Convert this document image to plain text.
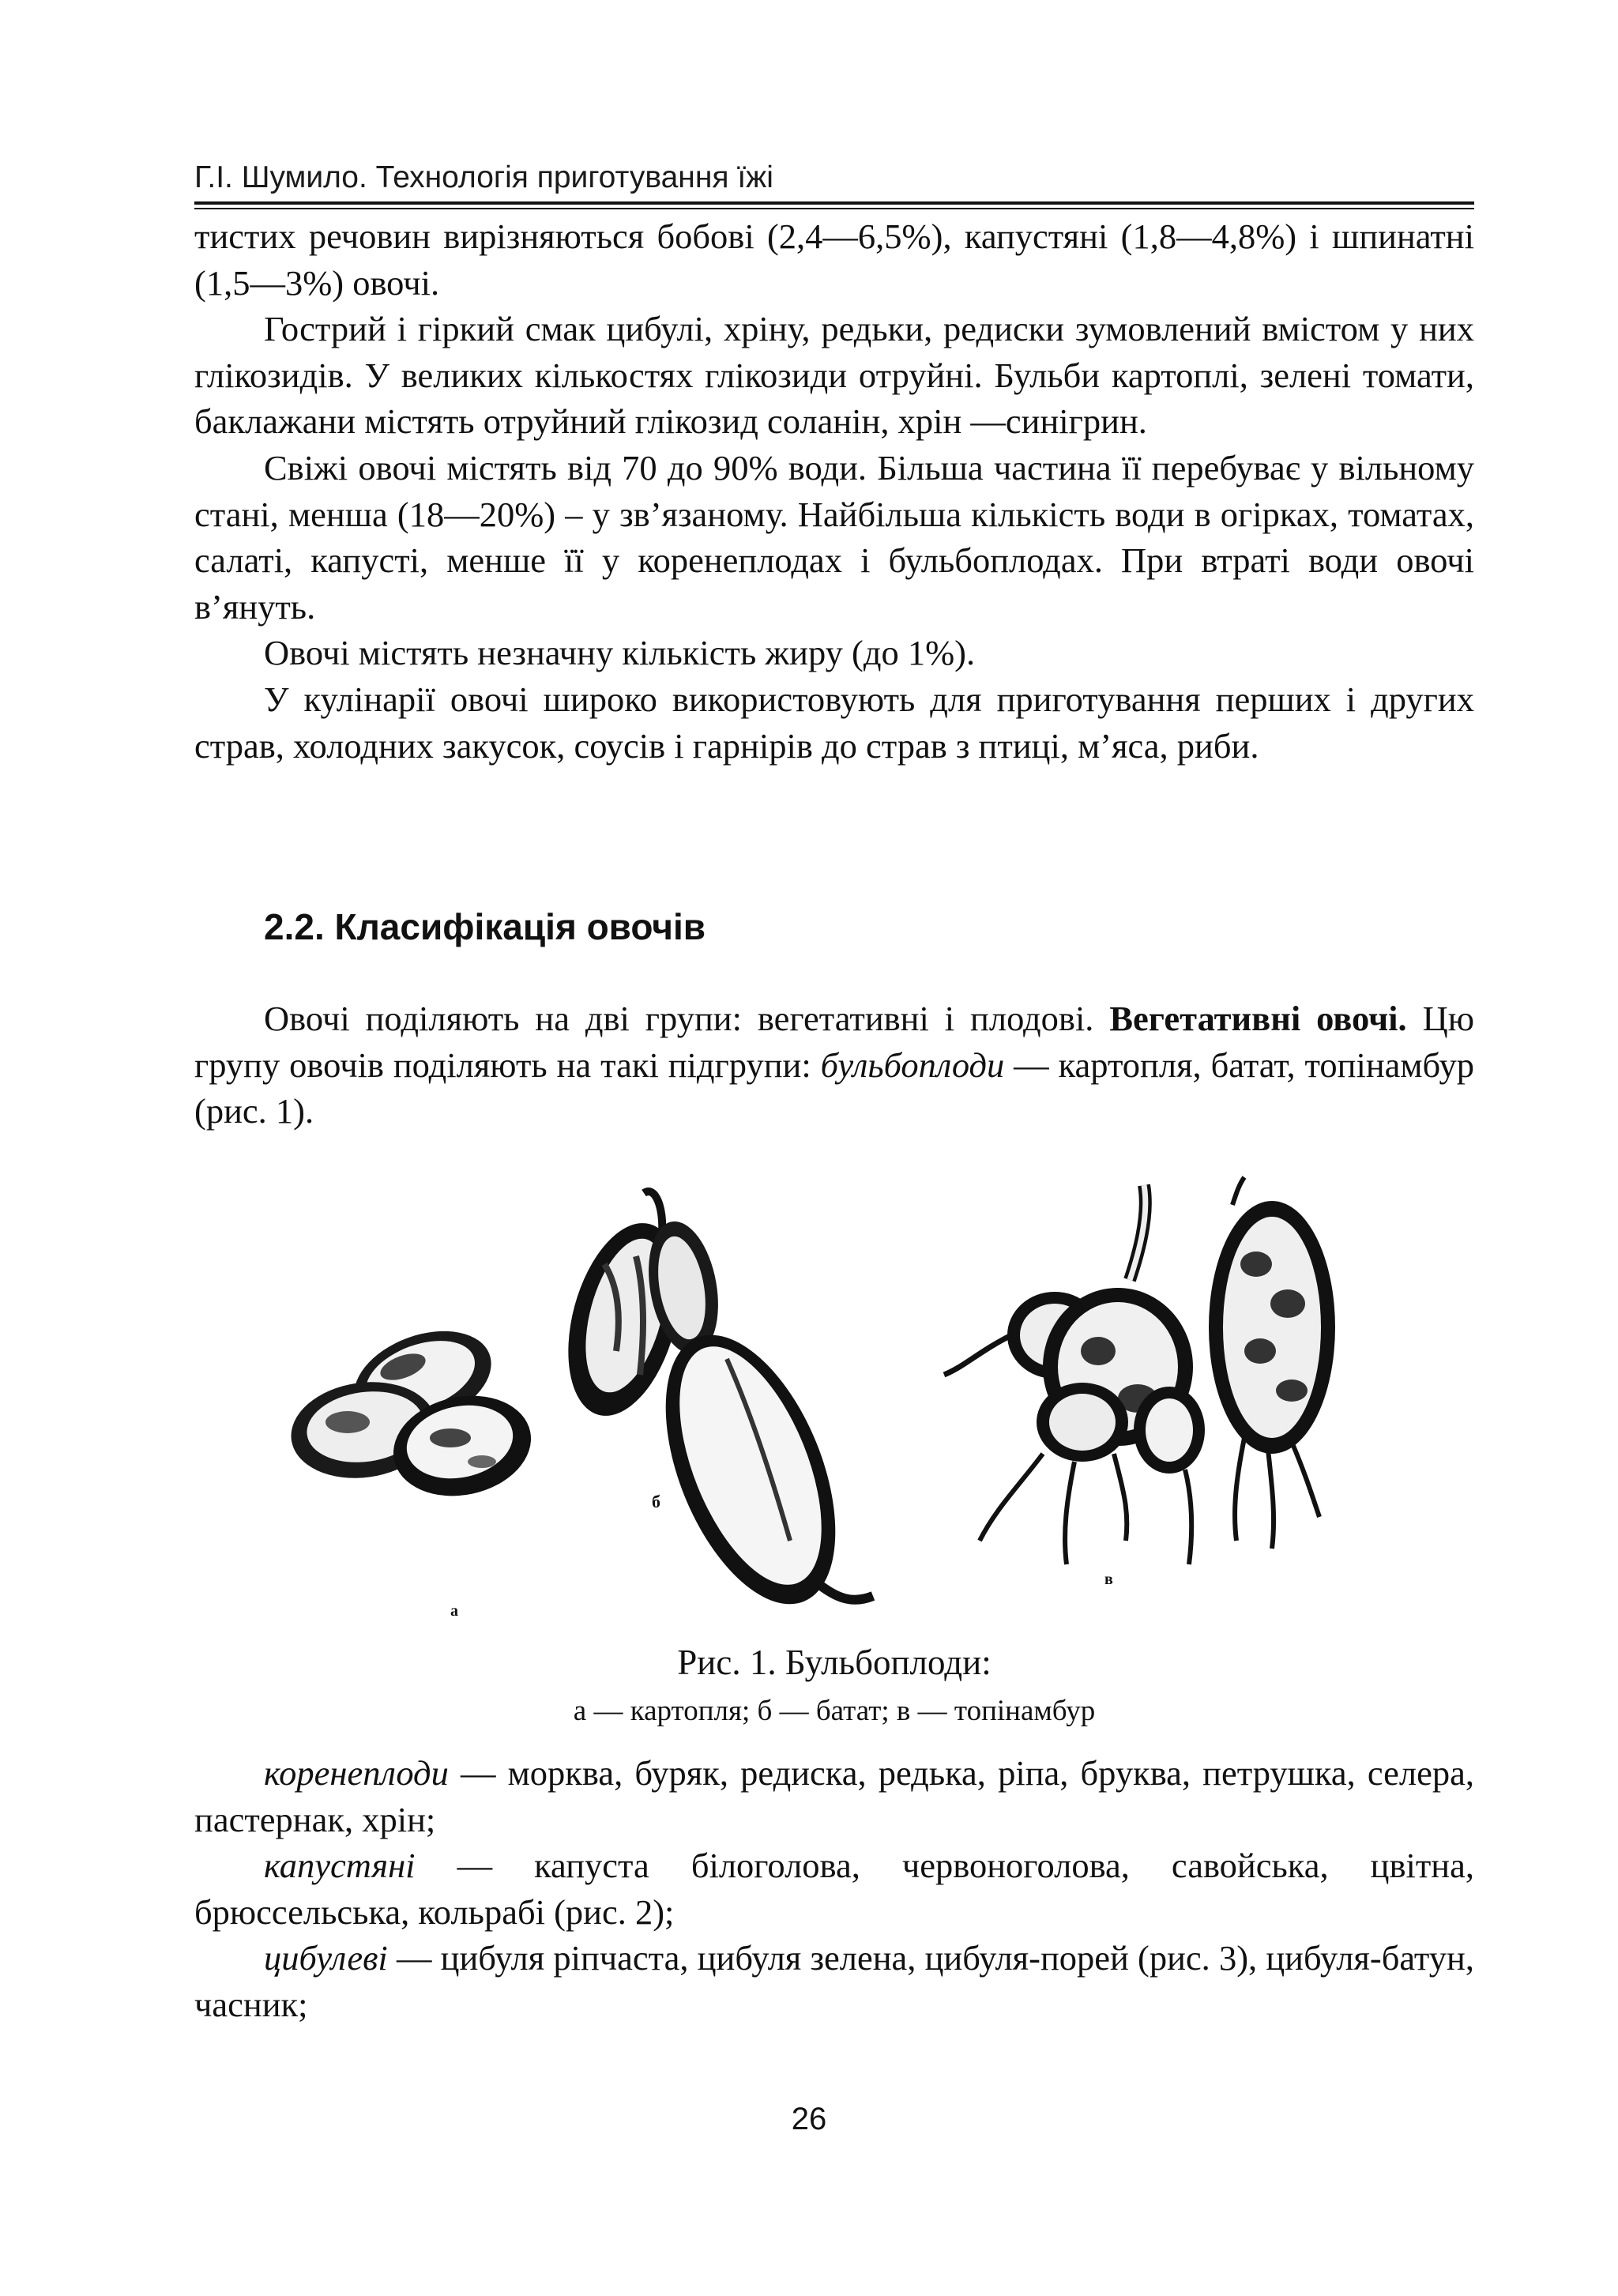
Г.І. Шумило. Технологія приготування їжі

тистих речовин вирізняються бобові (2,4—6,5%), капустяні (1,8—4,8%) і шпинатні (1,5—3%) овочі.

Гострий і гіркий смак цибулі, хріну, редьки, редиски зумовлений вмістом у них глікозидів. У великих кількостях глікозиди отруйні. Бульби картоплі, зелені томати, баклажани містять отруйний глікозид соланін, хрін —синігрин.

Свіжі овочі містять від 70 до 90% води. Більша частина її перебуває у вільному стані, менша (18—20%) – у зв’язаному. Найбільша кількість води в огірках, томатах, салаті, капусті, менше її у коренеплодах і бульбоплодах. При втраті води овочі в’януть.

Овочі містять незначну кількість жиру (до 1%).

У кулінарії овочі широко використовують для приготування перших і других страв, холодних закусок, соусів і гарнірів до страв з птиці, м’яса, риби.

2.2. Класифікація овочів

Овочі поділяють на дві групи: вегетативні і плодові. Вегетативні овочі. Цю групу овочів поділяють на такі підгрупи: бульбоплоди — картопля, батат, топінамбур (рис. 1).

а
б
в
Рис. 1. Бульбоплоди:
а — картопля; б — батат; в — топінамбур

коренеплоди — морква, буряк, редиска, редька, ріпа, бруква, петрушка, селера, пастернак, хрін;

капустяні — капуста білоголова, червоноголова, савойська, цвітна, брюссельська, кольрабі (рис. 2);

цибулеві — цибуля ріпчаста, цибуля зелена, цибуля-порей (рис. 3), цибуля-батун, часник;

26
